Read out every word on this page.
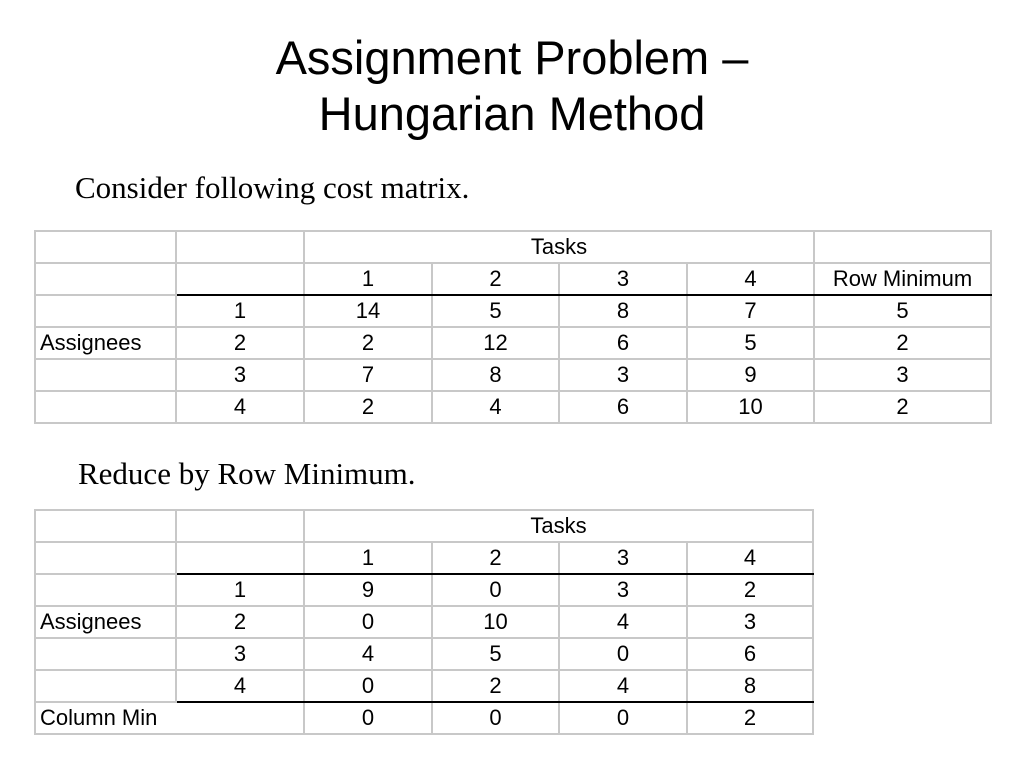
Assignment Problem –
Hungarian Method
Consider following cost matrix.
		Tasks				
		1	2	3	4	Row Minimum
	1	14	5	8	7	5
Assignees	2	2	12	6	5	2
	3	7	8	3	9	3
	4	2	4	6	10	2
Reduce by Row Minimum.
		Tasks			
		1	2	3	4
	1	9	0	3	2
Assignees	2	0	10	4	3
	3	4	5	0	6
	4	0	2	4	8
Column Min		0	0	0	2
